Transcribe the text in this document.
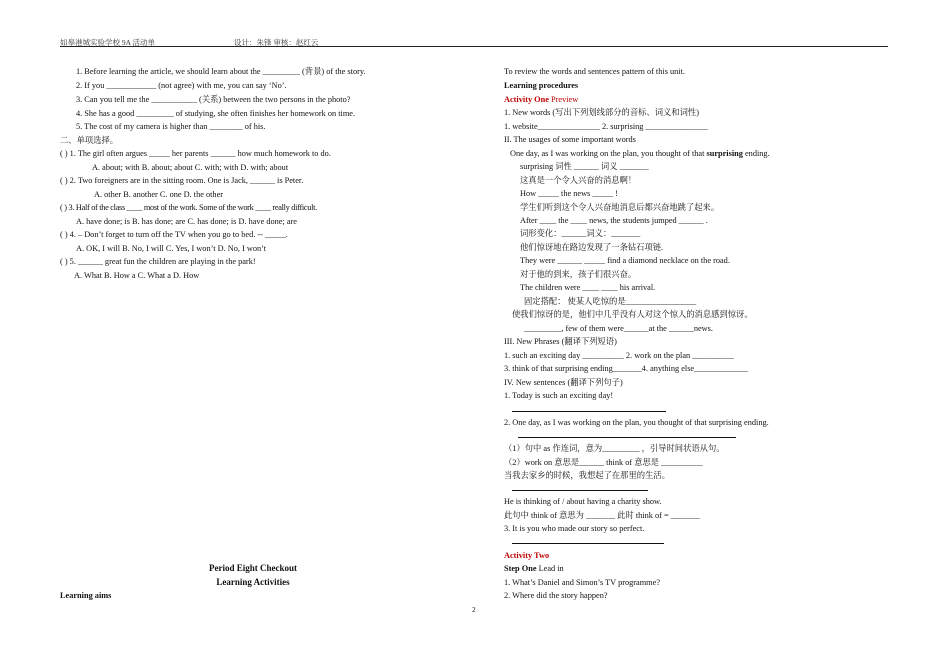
如皋港城实验学校 9A 活动单	设计：朱锋 审核：赵红云
1. Before learning the article, we should learn about the _________ (背景) of the story.
2. If you ____________ (not agree) with me, you can say ‘No’.
3. Can you tell me the ___________ (关系) between the two persons in the photo?
4. She has a good _________ of studying, she often finishes her homework on time.
5. The cost of my camera is higher than ________ of his.
二、单项选择。
( ) 1. The girl often argues _____ her parents ______ how much homework to do.
A. about; with B. about; about C. with; with D. with; about
( ) 2. Two foreigners are in the sitting room. One is Jack, ______ is Peter.
A. other B. another C. one D. the other
( ) 3. Half of the class ____ most of the work. Some of the work ____ really difficult.
A. have done; is B. has done; are C. has done; is D. have done; are
( ) 4. – Don’t forget to turn off the TV when you go to bed. -- _____.
A. OK, I will B. No, I will C. Yes, I won’t D. No, I won’t
( ) 5. ______ great fun the children are playing in the park!
A. What B. How a C. What a D. How
Period Eight Checkout
Learning Activities
Learning aims
To review the words and sentences pattern of this unit.
Learning procedures
Activity One Preview
1. New words (写出下列划线部分的音标、词义和词性)
1. website_______________ 2. surprising _______________
II. The usages of some important words
One day, as I was working on the plan, you thought of that surprising ending.
surprising 词性 ______ 词义 _______
这真是一个令人兴奋的消息啊！
How _____ the news _____ !
学生们听到这个令人兴奋地消息后都兴奋地跳了起来。
After ____ the ____ news, the students jumped ______ .
词形变化：______词义：_______
他们惊讶地在路边发现了一条钻石项链.
They were ______ _____ find a diamond necklace on the road.
对于他的到来，孩子们很兴奋。
The children were ____ ____ his arrival.
固定搭配： 使某人吃惊的是_________________
使我们惊讶的是，他们中几乎没有人对这个惊人的消息感到惊讶。
_________, few of them were______at the ______news.
III. New Phrases (翻译下列短语)
1. such an exciting day __________ 2. work on the plan __________
3. think of that surprising ending_______4. anything else_____________
IV. New sentences (翻译下列句子)
1. Today is such an exciting day!
2. One day, as I was working on the plan, you thought of that surprising ending.
（1）句中 as 作连词，意为_________ ，引导时间状语从句。
（2）work on 意思是______ think of 意思是 __________
当我去家乡的时候，我想起了在那里的生活。
He is thinking of / about having a charity show.
此句中 think of 意思为 _______ 此时 think of = _______
3. It is you who made our story so perfect.
Activity Two
Step One Lead in
1. What’s Daniel and Simon’s TV programme?
2. Where did the story happen?
2
